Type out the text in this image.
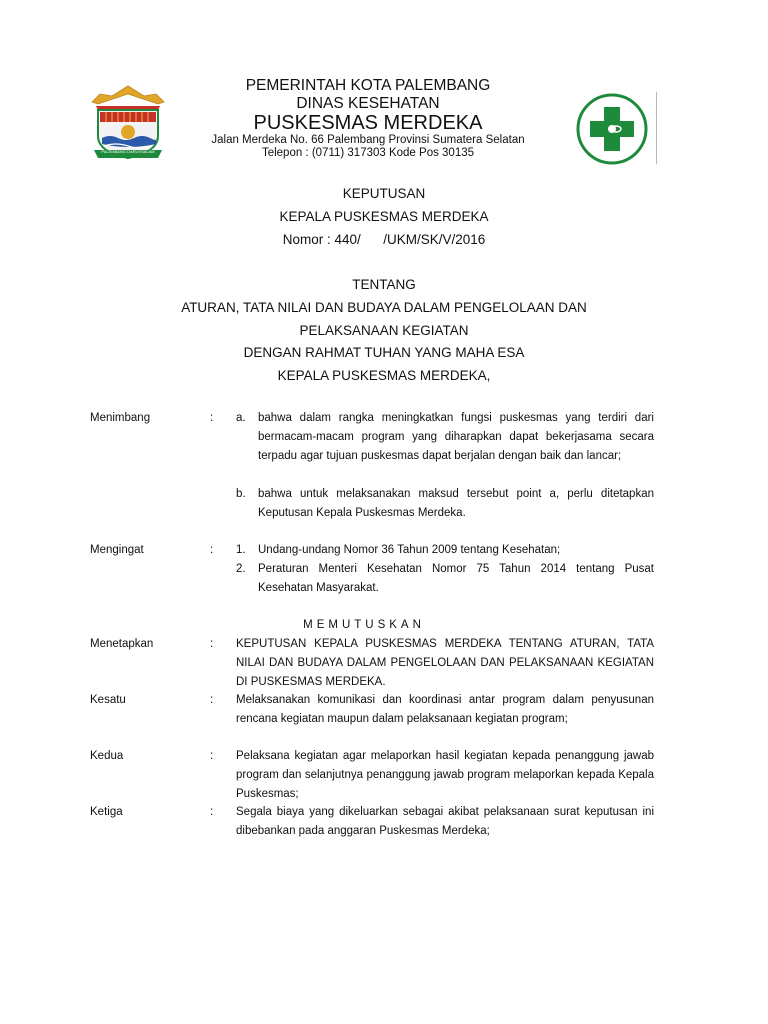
PALEMBANG DARUSSALAM
PEMERINTAH KOTA PALEMBANG
DINAS KESEHATAN
PUSKESMAS MERDEKA
Jalan Merdeka No. 66 Palembang Provinsi Sumatera Selatan
Telepon : (0711) 317303 Kode Pos 30135
KEPUTUSAN
KEPALA PUSKESMAS MERDEKA
Nomor : 440/      /UKM/SK/V/2016
TENTANG
ATURAN, TATA NILAI DAN BUDAYA DALAM PENGELOLAAN DAN
PELAKSANAAN KEGIATAN
DENGAN RAHMAT TUHAN YANG MAHA ESA
KEPALA PUSKESMAS MERDEKA,
Menimbang	: a. bahwa dalam rangka meningkatkan fungsi puskesmas yang terdiri dari bermacam-macam program yang diharapkan dapat bekerjasama secara terpadu agar tujuan puskesmas dapat berjalan dengan baik dan lancar;

b. bahwa untuk melaksanakan maksud tersebut point a, perlu ditetapkan Keputusan Kepala Puskesmas Merdeka.

Mengingat	: 1. Undang-undang Nomor 36 Tahun 2009 tentang Kesehatan;

2. Peraturan Menteri Kesehatan Nomor 75 Tahun 2014 tentang Pusat Kesehatan Masyarakat.

MEMUTUSKAN
Menetapkan	: KEPUTUSAN KEPALA PUSKESMAS MERDEKA TENTANG ATURAN, TATA NILAI DAN BUDAYA DALAM PENGELOLAAN DAN PELAKSANAAN KEGIATAN DI PUSKESMAS MERDEKA.

Kesatu	: Melaksanakan komunikasi dan koordinasi antar program dalam penyusunan rencana kegiatan maupun dalam pelaksanaan kegiatan program;

Kedua	: Pelaksana kegiatan agar melaporkan hasil kegiatan kepada penanggung jawab program dan selanjutnya penanggung jawab program melaporkan kepada Kepala Puskesmas;

Ketiga	: Segala biaya yang dikeluarkan sebagai akibat pelaksanaan surat keputusan ini dibebankan pada anggaran Puskesmas Merdeka;
